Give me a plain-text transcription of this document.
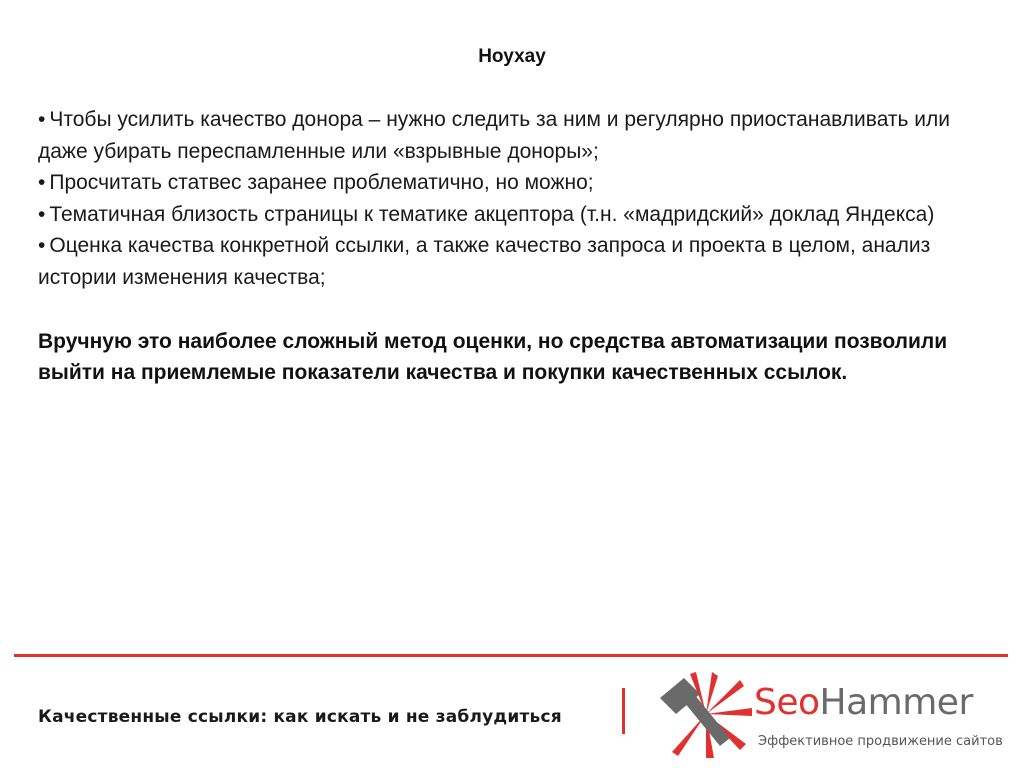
Ноухау
• Чтобы усилить качество донора – нужно следить за ним и регулярно приостанавливать или даже убирать переспамленные или «взрывные доноры»;
• Просчитать статвес заранее проблематично, но можно;
• Тематичная близость страницы к тематике акцептора (т.н. «мадридский» доклад Яндекса)
• Оценка качества конкретной ссылки, а также качество запроса и проекта в целом, анализ истории изменения качества;
Вручную это наиболее сложный метод оценки, но средства автоматизации позволили выйти на приемлемые показатели качества и покупки качественных ссылок.
Качественные ссылки: как искать и не заблудиться	SeoHammer
Эффективное продвижение сайтов
